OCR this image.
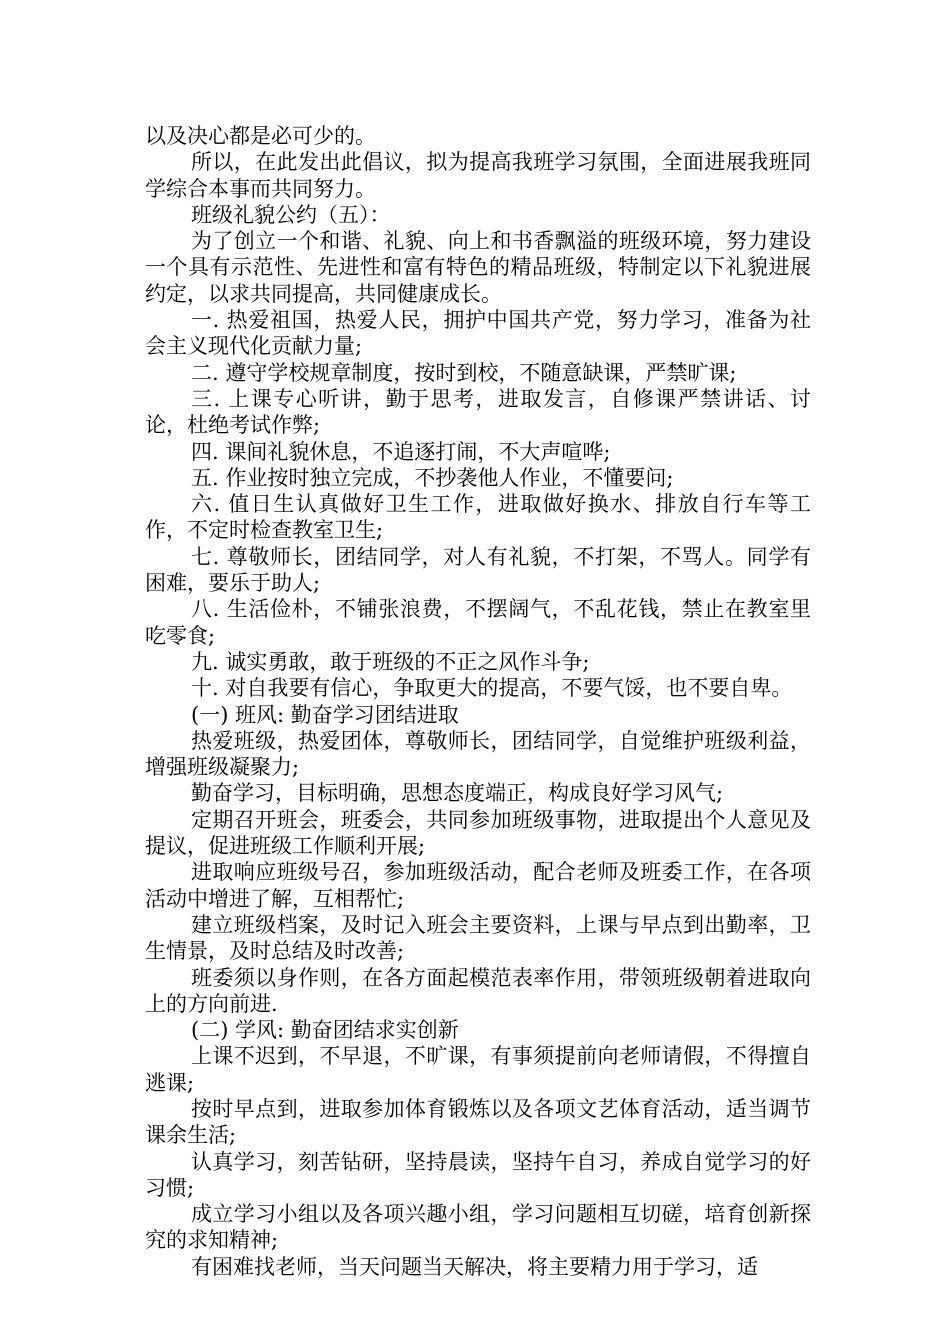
以及决心都是必可少的。

所以，在此发出此倡议，拟为提高我班学习氛围，全面进展我班同学综合本事而共同努力。

班级礼貌公约（五）：

为了创立一个和谐、礼貌、向上和书香飘溢的班级环境，努力建设一个具有示范性、先进性和富有特色的精品班级，特制定以下礼貌进展约定，以求共同提高，共同健康成长。

一. 热爱祖国，热爱人民，拥护中国共产党，努力学习，准备为社会主义现代化贡献力量;

二. 遵守学校规章制度，按时到校，不随意缺课，严禁旷课;

三. 上课专心听讲，勤于思考，进取发言，自修课严禁讲话、讨论，杜绝考试作弊;

四. 课间礼貌休息，不追逐打闹，不大声喧哗;

五. 作业按时独立完成，不抄袭他人作业，不懂要问;

六. 值日生认真做好卫生工作，进取做好换水、排放自行车等工作，不定时检查教室卫生;

七. 尊敬师长，团结同学，对人有礼貌，不打架，不骂人。同学有困难，要乐于助人;

八. 生活俭朴，不铺张浪费，不摆阔气，不乱花钱，禁止在教室里吃零食;

九. 诚实勇敢，敢于班级的不正之风作斗争;

十. 对自我要有信心，争取更大的提高，不要气馁，也不要自卑。

(一) 班风: 勤奋学习团结进取

热爱班级，热爱团体，尊敬师长，团结同学，自觉维护班级利益，增强班级凝聚力;

勤奋学习，目标明确，思想态度端正，构成良好学习风气;

定期召开班会，班委会，共同参加班级事物，进取提出个人意见及提议，促进班级工作顺利开展;

进取响应班级号召，参加班级活动，配合老师及班委工作，在各项活动中增进了解，互相帮忙;

建立班级档案，及时记入班会主要资料，上课与早点到出勤率，卫生情景，及时总结及时改善;

班委须以身作则，在各方面起模范表率作用，带领班级朝着进取向上的方向前进.

(二) 学风: 勤奋团结求实创新

上课不迟到，不早退，不旷课，有事须提前向老师请假，不得擅自逃课;

按时早点到，进取参加体育锻炼以及各项文艺体育活动，适当调节课余生活;

认真学习，刻苦钻研，坚持晨读，坚持午自习，养成自觉学习的好习惯;

成立学习小组以及各项兴趣小组，学习问题相互切磋，培育创新探究的求知精神;

有困难找老师，当天问题当天解决，将主要精力用于学习，适
